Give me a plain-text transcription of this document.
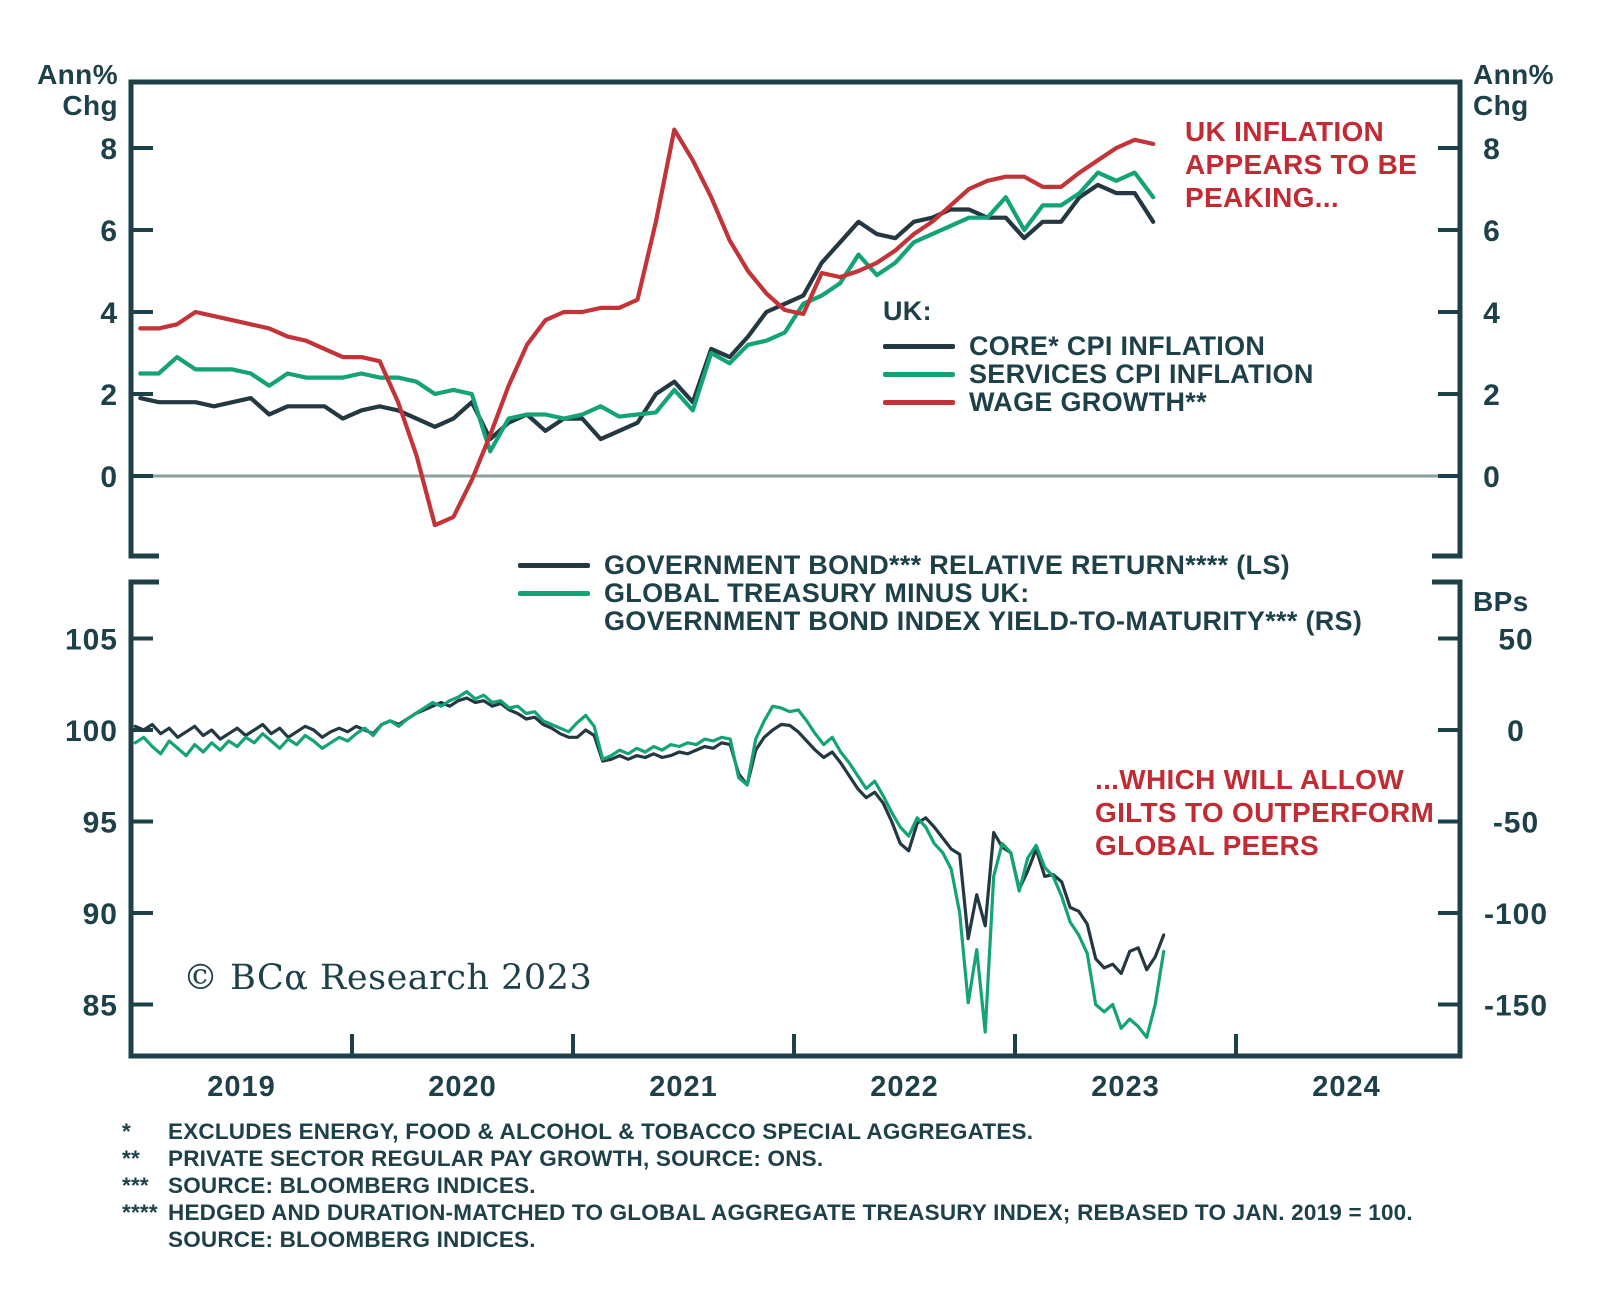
8	8
6	6
4	4
2	2
0	0
105
100
95
90
85
50
0
-50
-100
-150
2019	2020	2021	2022	2023	2024
Ann%
Chg
Ann%
Chg
BPs
UK:
CORE* CPI INFLATION
SERVICES CPI INFLATION
WAGE GROWTH**
UK INFLATION
APPEARS TO BE
PEAKING...
GOVERNMENT BOND*** RELATIVE RETURN**** (LS)
GLOBAL TREASURY MINUS UK:
GOVERNMENT BOND INDEX YIELD-TO-MATURITY*** (RS)
...WHICH WILL ALLOW
GILTS TO OUTPERFORM
GLOBAL PEERS
© BCα Research 2023
*	EXCLUDES ENERGY, FOOD & ALCOHOL & TOBACCO SPECIAL AGGREGATES.
**	PRIVATE SECTOR REGULAR PAY GROWTH, SOURCE: ONS.
*** SOURCE: BLOOMBERG INDICES.
**** HEDGED AND DURATION-MATCHED TO GLOBAL AGGREGATE TREASURY INDEX; REBASED TO JAN. 2019 = 100.
SOURCE: BLOOMBERG INDICES.
